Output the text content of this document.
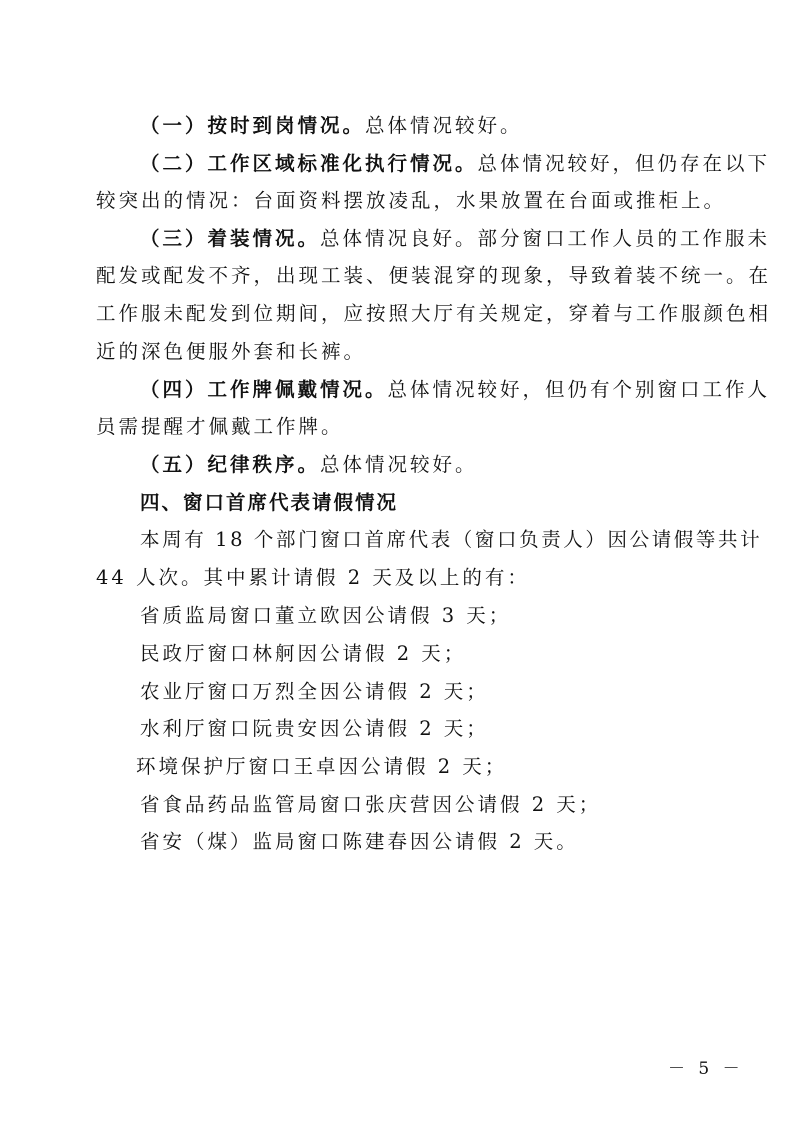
（一）按时到岗情况。总体情况较好。
（二）工作区域标准化执行情况。总体情况较好，但仍存在以下
较突出的情况：台面资料摆放凌乱，水果放置在台面或推柜上。
（三）着装情况。总体情况良好。部分窗口工作人员的工作服未
配发或配发不齐，出现工装、便装混穿的现象，导致着装不统一。在
工作服未配发到位期间，应按照大厅有关规定，穿着与工作服颜色相
近的深色便服外套和长裤。
（四）工作牌佩戴情况。总体情况较好，但仍有个别窗口工作人
员需提醒才佩戴工作牌。
（五）纪律秩序。总体情况较好。
四、窗口首席代表请假情况
本周有 18 个部门窗口首席代表（窗口负责人）因公请假等共计
44 人次。其中累计请假 2 天及以上的有：
省质监局窗口董立欧因公请假 3 天；
民政厅窗口林舸因公请假 2 天；
农业厅窗口万烈全因公请假 2 天；
水利厅窗口阮贵安因公请假 2 天；
环境保护厅窗口王卓因公请假 2 天；
省食品药品监管局窗口张庆营因公请假 2 天；
省安（煤）监局窗口陈建春因公请假 2 天。
－ 5 －
